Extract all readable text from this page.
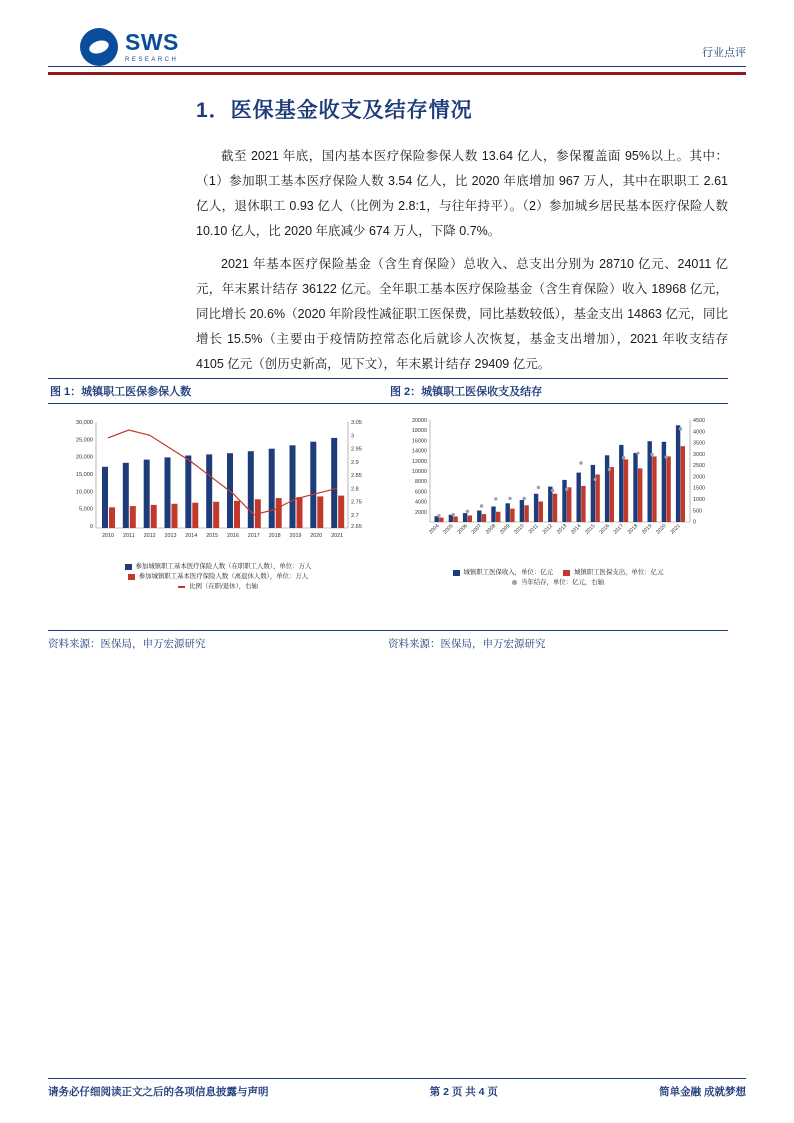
SWS
RESEARCH
行业点评
1．医保基金收支及结存情况

截至 2021 年底，国内基本医疗保险参保人数 13.64 亿人，参保覆盖面 95%以上。其中：（1）参加职工基本医疗保险人数 3.54 亿人，比 2020 年底增加 967 万人，其中在职职工 2.61 亿人，退休职工 0.93 亿人（比例为 2.8:1，与往年持平）。（2）参加城乡居民基本医疗保险人数 10.10 亿人，比 2020 年底减少 674 万人，下降 0.7%。

2021 年基本医疗保险基金（含生育保险）总收入、总支出分别为 28710 亿元、24011 亿元，年末累计结存 36122 亿元。全年职工基本医疗保险基金（含生育保险）收入 18968 亿元，同比增长 20.6%（2020 年阶段性减征职工医保费，同比基数较低），基金支出 14863 亿元，同比增长 15.5%（主要由于疫情防控常态化后就诊人次恢复，基金支出增加），2021 年收支结存 4105 亿元（创历史新高，见下文），年末累计结存 29409 亿元。

图 1：城镇职工医保参保人数
30,000
25,000
20,000
15,000
10,000
5,000
0
3.05
3
2.95
2.9
2.85
2.8
2.75
2.7
2.65
2010 2011 2012 2013 2014 2015 2016 2017 2018 2019 2020 2021
参加城镇职工基本医疗保险人数（在职职工人数），单位：万人
参加城镇职工基本医疗保险人数（离退休人数），单位：万人
比例（在职/退休），右轴
资料来源：医保局，申万宏源研究
图 2：城镇职工医保收支及结存
20000
18000
16000
14000
12000
10000
8000
6000
4000
2000
4500
4000
3500
3000
2500
2000
1500
1000
500
0
2004 2005 2006 2007 2008 2009 2010 2011 2012 2013 2014 2015 2016 2017 2018 2019 2020 2021
城镇职工医保收入，单位：亿元	城镇职工医保支出，单位：亿元
当年结存，单位：亿元，右轴
资料来源：医保局，申万宏源研究
请务必仔细阅读正文之后的各项信息披露与声明	第 2 页 共 4 页	简单金融 成就梦想
